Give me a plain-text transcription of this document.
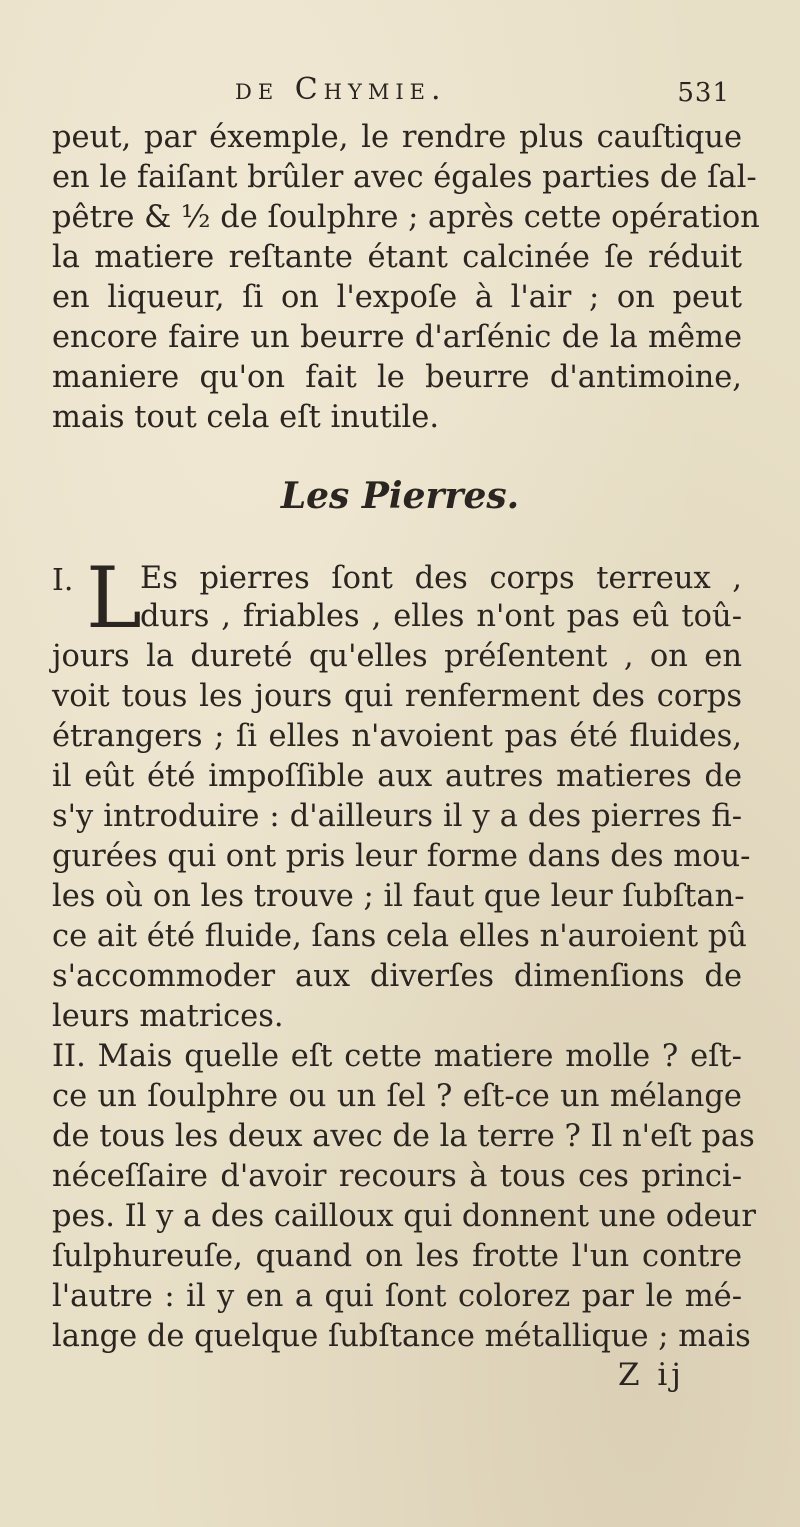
de Chymie.	531
peut, par éxemple, le rendre plus cauſtique
en le faiſant brûler avec égales parties de ſal-
pêtre & ½ de ſoulphre ; après cette opération
la matiere reſtante étant calcinée ſe réduit
en liqueur, ſi on l'expoſe à l'air ; on peut
encore faire un beurre d'arſénic de la même
maniere qu'on fait le beurre d'antimoine,
mais tout cela eſt inutile.
Les Pierres.
I. L
Es pierres ſont des corps terreux ,
durs , friables , elles n'ont pas eû toû-
jours la dureté qu'elles préſentent , on en
voit tous les jours qui renferment des corps
étrangers ; ſi elles n'avoient pas été fluides,
il eût été impoſſible aux autres matieres de
s'y introduire : d'ailleurs il y a des pierres fi-
gurées qui ont pris leur forme dans des mou-
les où on les trouve ; il faut que leur ſubſtan-
ce ait été fluide, ſans cela elles n'auroient pû
s'accommoder aux diverſes dimenſions de
leurs matrices.
II. Mais quelle eſt cette matiere molle ? eſt-
ce un ſoulphre ou un ſel ? eſt-ce un mélange
de tous les deux avec de la terre ? Il n'eſt pas
néceſſaire d'avoir recours à tous ces princi-
pes. Il y a des cailloux qui donnent une odeur
ſulphureuſe, quand on les frotte l'un contre
l'autre : il y en a qui ſont colorez par le mé-
lange de quelque ſubſtance métallique ; mais
Z ij
